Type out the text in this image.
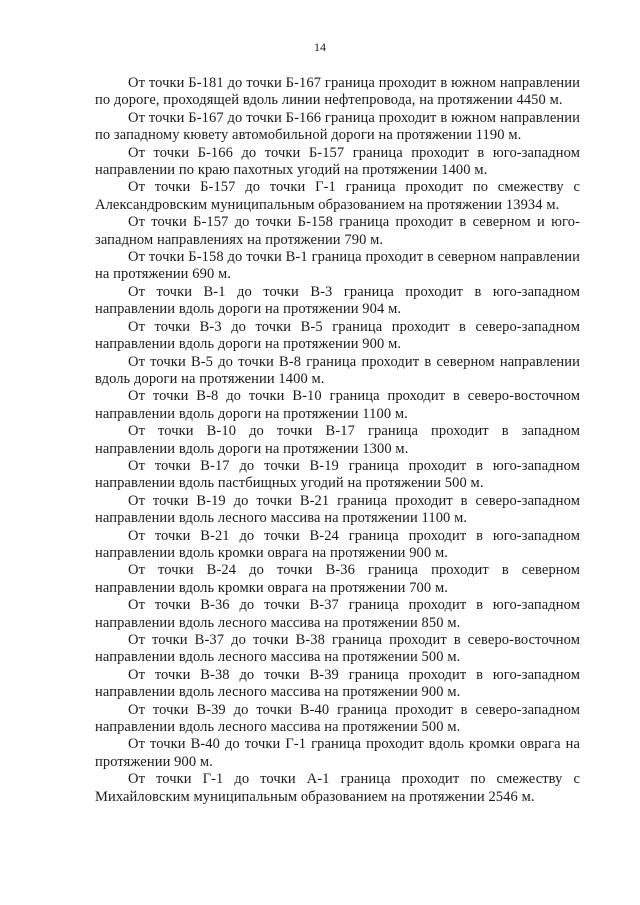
14

От точки Б-181 до точки Б-167 граница проходит в южном направлении по дороге, проходящей вдоль линии нефтепровода, на протяжении 4450 м.

От точки Б-167 до точки Б-166 граница проходит в южном направлении по западному кювету автомобильной дороги на протяжении 1190 м.

От точки Б-166 до точки Б-157 граница проходит в юго-западном направлении по краю пахотных угодий на протяжении 1400 м.

От точки Б-157 до точки Г-1 граница проходит по смежеству с Александровским муниципальным образованием на протяжении 13934 м.

От точки Б-157 до точки Б-158 граница проходит в северном и юго-западном направлениях на протяжении 790 м.

От точки Б-158 до точки В-1 граница проходит в северном направлении на протяжении 690 м.

От точки В-1 до точки В-3 граница проходит в юго-западном направлении вдоль дороги на протяжении 904 м.

От точки В-3 до точки В-5 граница проходит в северо-западном направлении вдоль дороги на протяжении 900 м.

От точки В-5 до точки В-8 граница проходит в северном направлении вдоль дороги на протяжении 1400 м.

От точки В-8 до точки В-10 граница проходит в северо-восточном направлении вдоль дороги на протяжении 1100 м.

От точки В-10 до точки В-17 граница проходит в западном направлении вдоль дороги на протяжении 1300 м.

От точки В-17 до точки В-19 граница проходит в юго-западном направлении вдоль пастбищных угодий на протяжении 500 м.

От точки В-19 до точки В-21 граница проходит в северо-западном направлении вдоль лесного массива на протяжении 1100 м.

От точки В-21 до точки В-24 граница проходит в юго-западном направлении вдоль кромки оврага на протяжении 900 м.

От точки В-24 до точки В-36 граница проходит в северном направлении вдоль кромки оврага на протяжении 700 м.

От точки В-36 до точки В-37 граница проходит в юго-западном направлении вдоль лесного массива на протяжении 850 м.

От точки В-37 до точки В-38 граница проходит в северо-восточном направлении вдоль лесного массива на протяжении 500 м.

От точки В-38 до точки В-39 граница проходит в юго-западном направлении вдоль лесного массива на протяжении 900 м.

От точки В-39 до точки В-40 граница проходит в северо-западном направлении вдоль лесного массива на протяжении 500 м.

От точки В-40 до точки Г-1 граница проходит вдоль кромки оврага на протяжении 900 м.

От точки Г-1 до точки А-1 граница проходит по смежеству с Михайловским муниципальным образованием на протяжении 2546 м.
